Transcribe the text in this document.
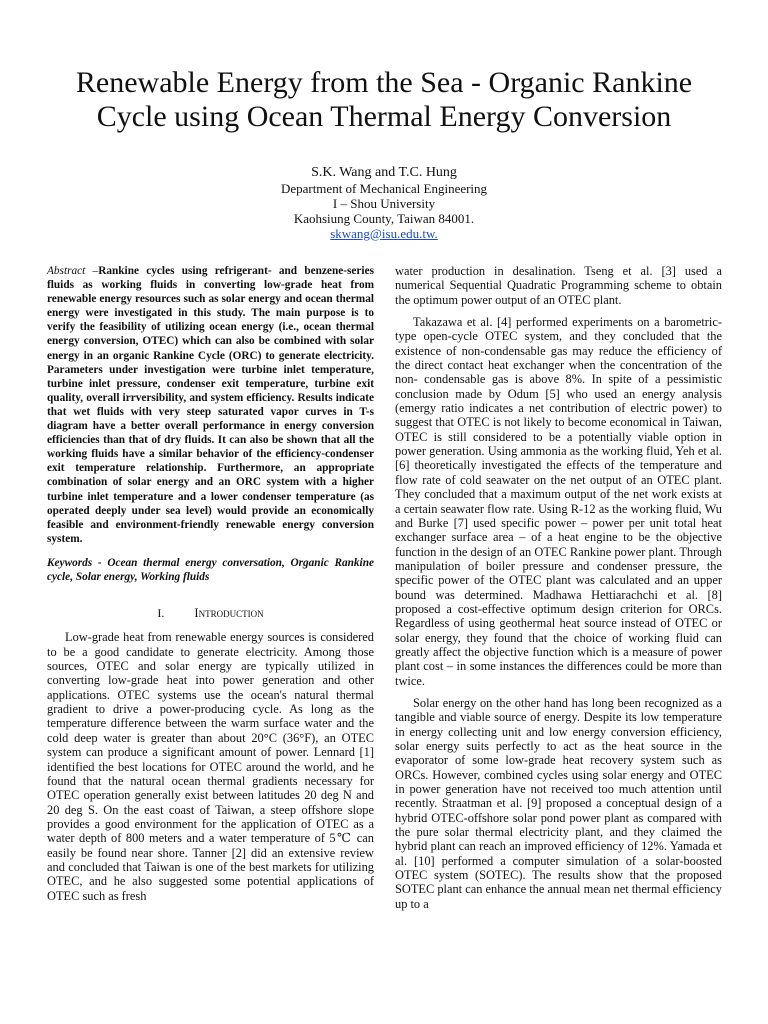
Renewable Energy from the Sea - Organic Rankine Cycle using Ocean Thermal Energy Conversion
S.K. Wang and T.C. Hung
Department of Mechanical Engineering
I – Shou University
Kaohsiung County, Taiwan 84001.
skwang@isu.edu.tw.

Abstract –Rankine cycles using refrigerant- and benzene-series fluids as working fluids in converting low-grade heat from renewable energy resources such as solar energy and ocean thermal energy were investigated in this study. The main purpose is to verify the feasibility of utilizing ocean energy (i.e., ocean thermal energy conversion, OTEC) which can also be combined with solar energy in an organic Rankine Cycle (ORC) to generate electricity. Parameters under investigation were turbine inlet temperature, turbine inlet pressure, condenser exit temperature, turbine exit quality, overall irrversibility, and system efficiency. Results indicate that wet fluids with very steep saturated vapor curves in T-s diagram have a better overall performance in energy conversion efficiencies than that of dry fluids. It can also be shown that all the working fluids have a similar behavior of the efficiency-condenser exit temperature relationship. Furthermore, an appropriate combination of solar energy and an ORC system with a higher turbine inlet temperature and a lower condenser temperature (as operated deeply under sea level) would provide an economically feasible and environment-friendly renewable energy conversion system.

Keywords - Ocean thermal energy conversation, Organic Rankine cycle, Solar energy, Working fluids

I. Introduction

Low-grade heat from renewable energy sources is considered to be a good candidate to generate electricity. Among those sources, OTEC and solar energy are typically utilized in converting low-grade heat into power generation and other applications. OTEC systems use the ocean's natural thermal gradient to drive a power-producing cycle. As long as the temperature difference between the warm surface water and the cold deep water is greater than about 20°C (36°F), an OTEC system can produce a significant amount of power. Lennard [1] identified the best locations for OTEC around the world, and he found that the natural ocean thermal gradients necessary for OTEC operation generally exist between latitudes 20 deg N and 20 deg S. On the east coast of Taiwan, a steep offshore slope provides a good environment for the application of OTEC as a water depth of 800 meters and a water temperature of 5℃ can easily be found near shore. Tanner [2] did an extensive review and concluded that Taiwan is one of the best markets for utilizing OTEC, and he also suggested some potential applications of OTEC such as fresh

water production in desalination. Tseng et al. [3] used a numerical Sequential Quadratic Programming scheme to obtain the optimum power output of an OTEC plant.

Takazawa et al. [4] performed experiments on a barometric-type open-cycle OTEC system, and they concluded that the existence of non-condensable gas may reduce the efficiency of the direct contact heat exchanger when the concentration of the non- condensable gas is above 8%. In spite of a pessimistic conclusion made by Odum [5] who used an energy analysis (emergy ratio indicates a net contribution of electric power) to suggest that OTEC is not likely to become economical in Taiwan, OTEC is still considered to be a potentially viable option in power generation. Using ammonia as the working fluid, Yeh et al. [6] theoretically investigated the effects of the temperature and flow rate of cold seawater on the net output of an OTEC plant. They concluded that a maximum output of the net work exists at a certain seawater flow rate. Using R-12 as the working fluid, Wu and Burke [7] used specific power – power per unit total heat exchanger surface area – of a heat engine to be the objective function in the design of an OTEC Rankine power plant. Through manipulation of boiler pressure and condenser pressure, the specific power of the OTEC plant was calculated and an upper bound was determined. Madhawa Hettiarachchi et al. [8] proposed a cost-effective optimum design criterion for ORCs. Regardless of using geothermal heat source instead of OTEC or solar energy, they found that the choice of working fluid can greatly affect the objective function which is a measure of power plant cost – in some instances the differences could be more than twice.

Solar energy on the other hand has long been recognized as a tangible and viable source of energy. Despite its low temperature in energy collecting unit and low energy conversion efficiency, solar energy suits perfectly to act as the heat source in the evaporator of some low-grade heat recovery system such as ORCs. However, combined cycles using solar energy and OTEC in power generation have not received too much attention until recently. Straatman et al. [9] proposed a conceptual design of a hybrid OTEC-offshore solar pond power plant as compared with the pure solar thermal electricity plant, and they claimed the hybrid plant can reach an improved efficiency of 12%. Yamada et al. [10] performed a computer simulation of a solar-boosted OTEC system (SOTEC). The results show that the proposed SOTEC plant can enhance the annual mean net thermal efficiency up to a
